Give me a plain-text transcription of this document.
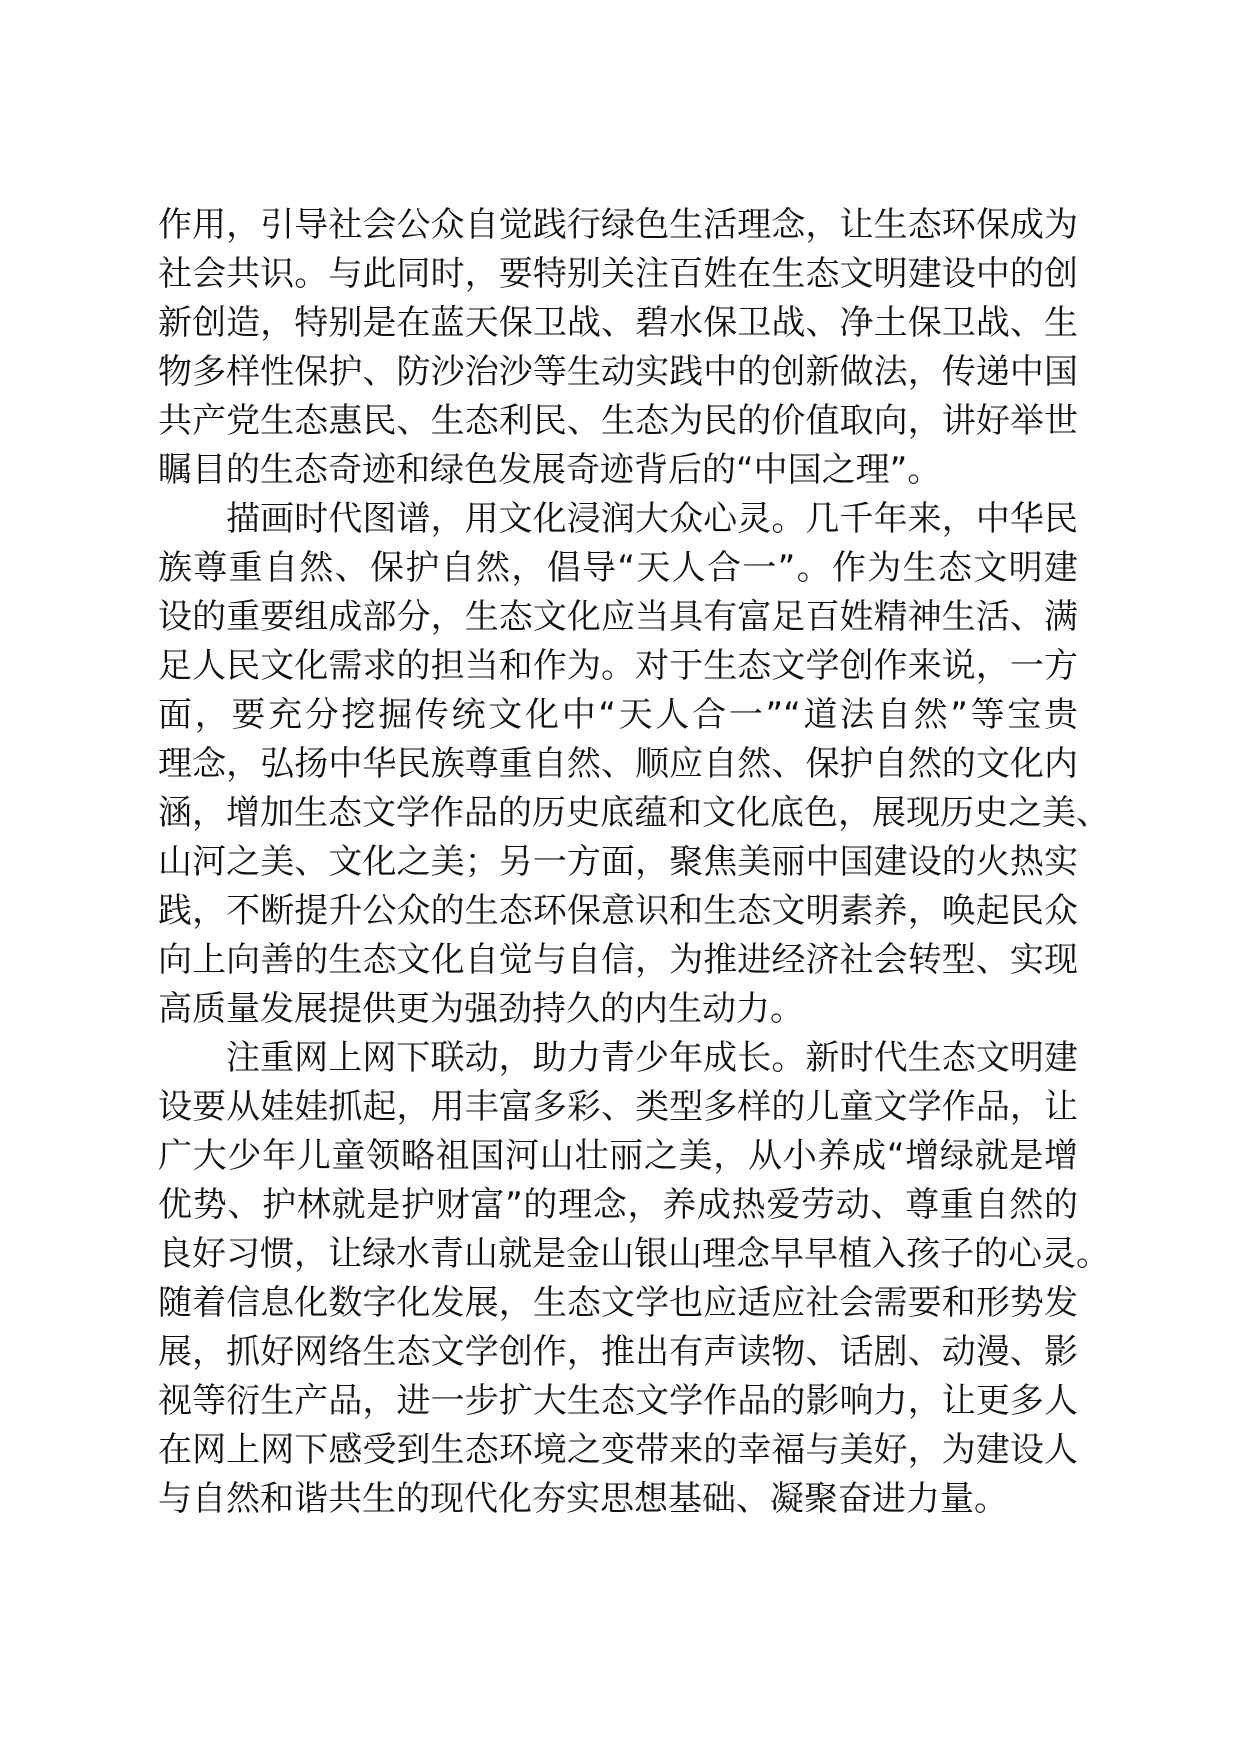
作用，引导社会公众自觉践行绿色生活理念，让生态环保成为
社会共识。与此同时，要特别关注百姓在生态文明建设中的创
新创造，特别是在蓝天保卫战、碧水保卫战、净土保卫战、生
物多样性保护、防沙治沙等生动实践中的创新做法，传递中国
共产党生态惠民、生态利民、生态为民的价值取向，讲好举世
瞩目的生态奇迹和绿色发展奇迹背后的“中国之理”。
描画时代图谱，用文化浸润大众心灵。几千年来，中华民
族尊重自然、保护自然，倡导“天人合一”。作为生态文明建
设的重要组成部分，生态文化应当具有富足百姓精神生活、满
足人民文化需求的担当和作为。对于生态文学创作来说，一方
面，要充分挖掘传统文化中“天人合一”“道法自然”等宝贵
理念，弘扬中华民族尊重自然、顺应自然、保护自然的文化内
涵，增加生态文学作品的历史底蕴和文化底色，展现历史之美、
山河之美、文化之美；另一方面，聚焦美丽中国建设的火热实
践，不断提升公众的生态环保意识和生态文明素养，唤起民众
向上向善的生态文化自觉与自信，为推进经济社会转型、实现
高质量发展提供更为强劲持久的内生动力。
注重网上网下联动，助力青少年成长。新时代生态文明建
设要从娃娃抓起，用丰富多彩、类型多样的儿童文学作品，让
广大少年儿童领略祖国河山壮丽之美，从小养成“增绿就是增
优势、护林就是护财富”的理念，养成热爱劳动、尊重自然的
良好习惯，让绿水青山就是金山银山理念早早植入孩子的心灵。
随着信息化数字化发展，生态文学也应适应社会需要和形势发
展，抓好网络生态文学创作，推出有声读物、话剧、动漫、影
视等衍生产品，进一步扩大生态文学作品的影响力，让更多人
在网上网下感受到生态环境之变带来的幸福与美好，为建设人
与自然和谐共生的现代化夯实思想基础、凝聚奋进力量。
